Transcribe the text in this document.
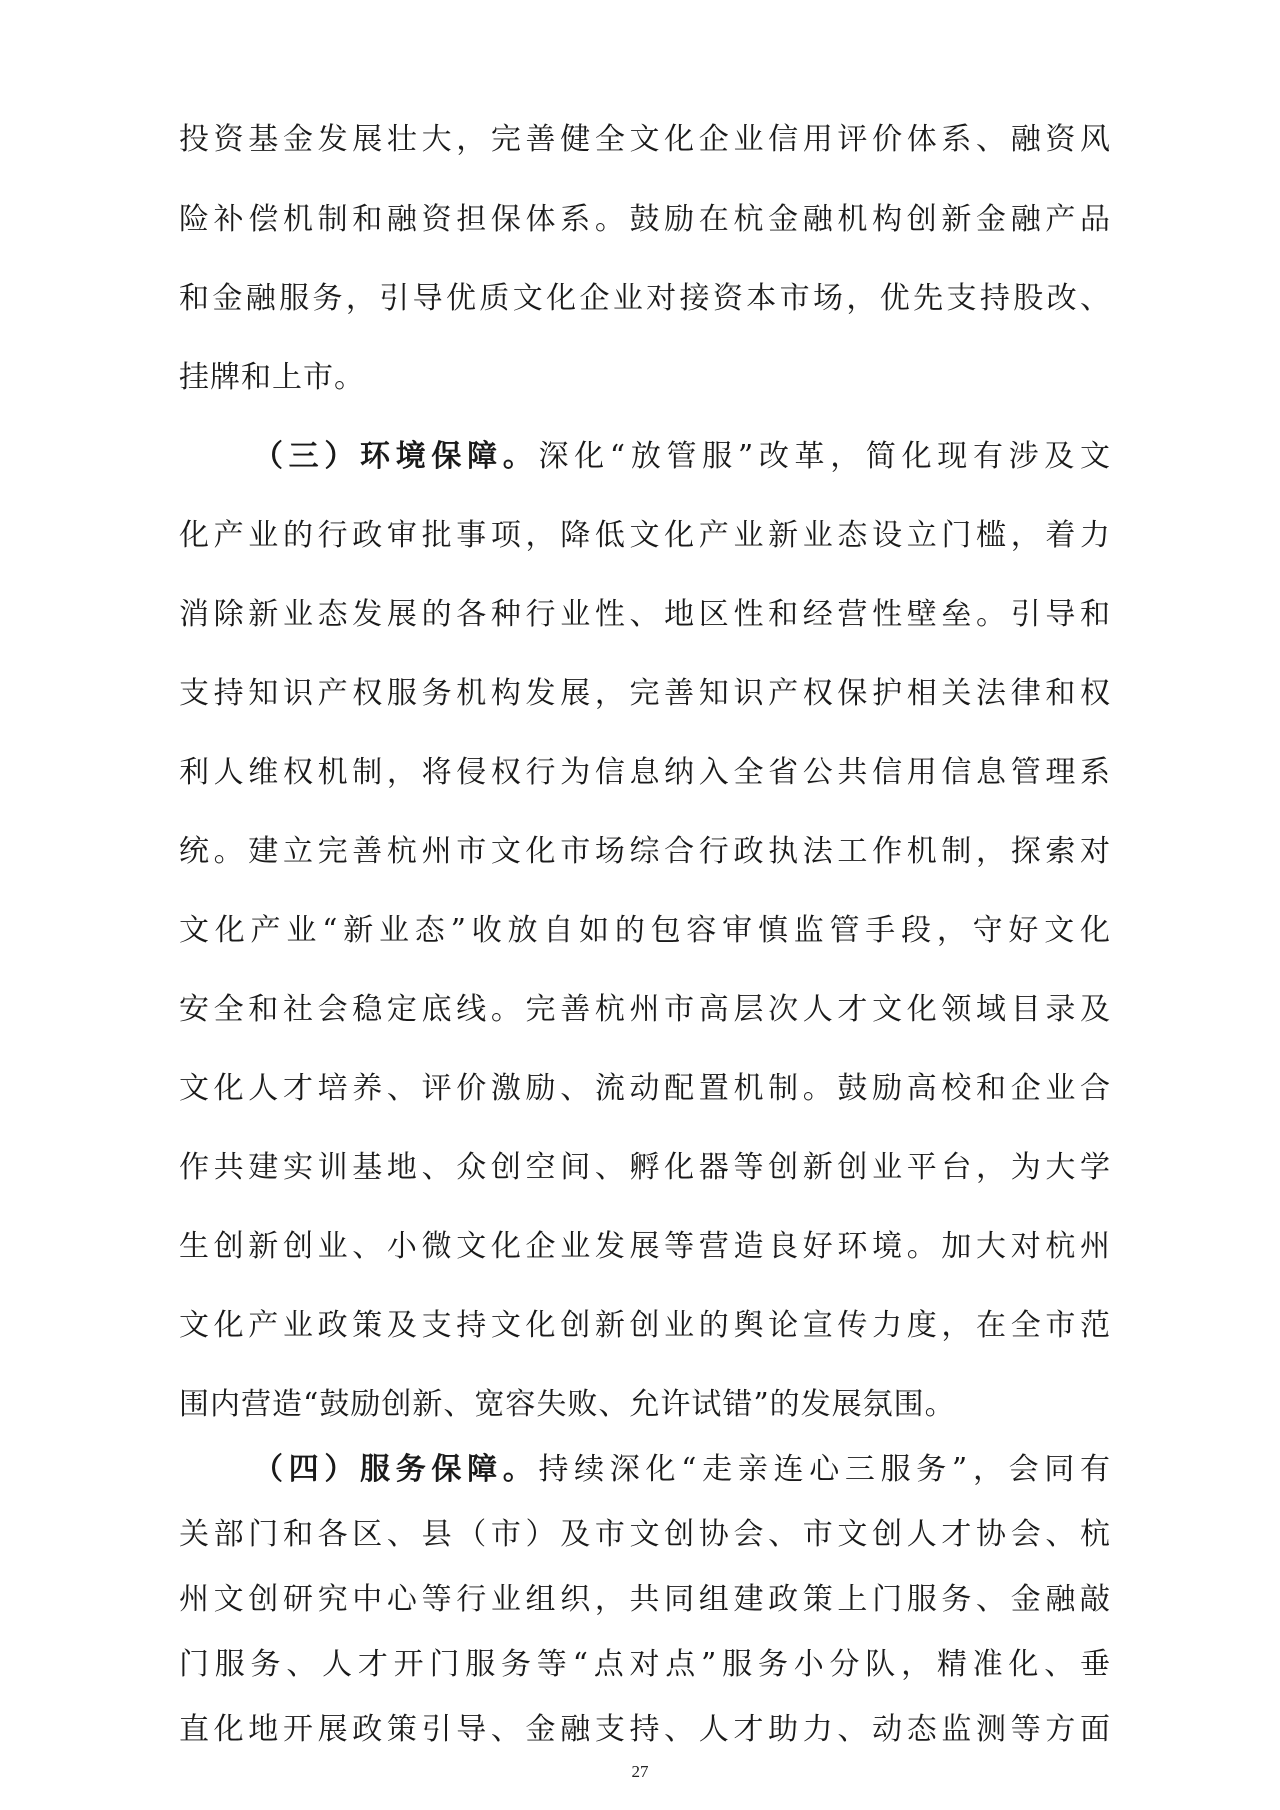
投资基金发展壮大，完善健全文化企业信用评价体系、融资风
险补偿机制和融资担保体系。鼓励在杭金融机构创新金融产品
和金融服务，引导优质文化企业对接资本市场，优先支持股改、
挂牌和上市。
（三）环境保障。深化“放管服”改革，简化现有涉及文
化产业的行政审批事项，降低文化产业新业态设立门槛，着力
消除新业态发展的各种行业性、地区性和经营性壁垒。引导和
支持知识产权服务机构发展，完善知识产权保护相关法律和权
利人维权机制，将侵权行为信息纳入全省公共信用信息管理系
统。建立完善杭州市文化市场综合行政执法工作机制，探索对
文化产业“新业态”收放自如的包容审慎监管手段，守好文化
安全和社会稳定底线。完善杭州市高层次人才文化领域目录及
文化人才培养、评价激励、流动配置机制。鼓励高校和企业合
作共建实训基地、众创空间、孵化器等创新创业平台，为大学
生创新创业、小微文化企业发展等营造良好环境。加大对杭州
文化产业政策及支持文化创新创业的舆论宣传力度，在全市范
围内营造“鼓励创新、宽容失败、允许试错”的发展氛围。
（四）服务保障。持续深化“走亲连心三服务”，会同有
关部门和各区、县（市）及市文创协会、市文创人才协会、杭
州文创研究中心等行业组织，共同组建政策上门服务、金融敲
门服务、人才开门服务等“点对点”服务小分队，精准化、垂
27
直化地开展政策引导、金融支持、人才助力、动态监测等方面
